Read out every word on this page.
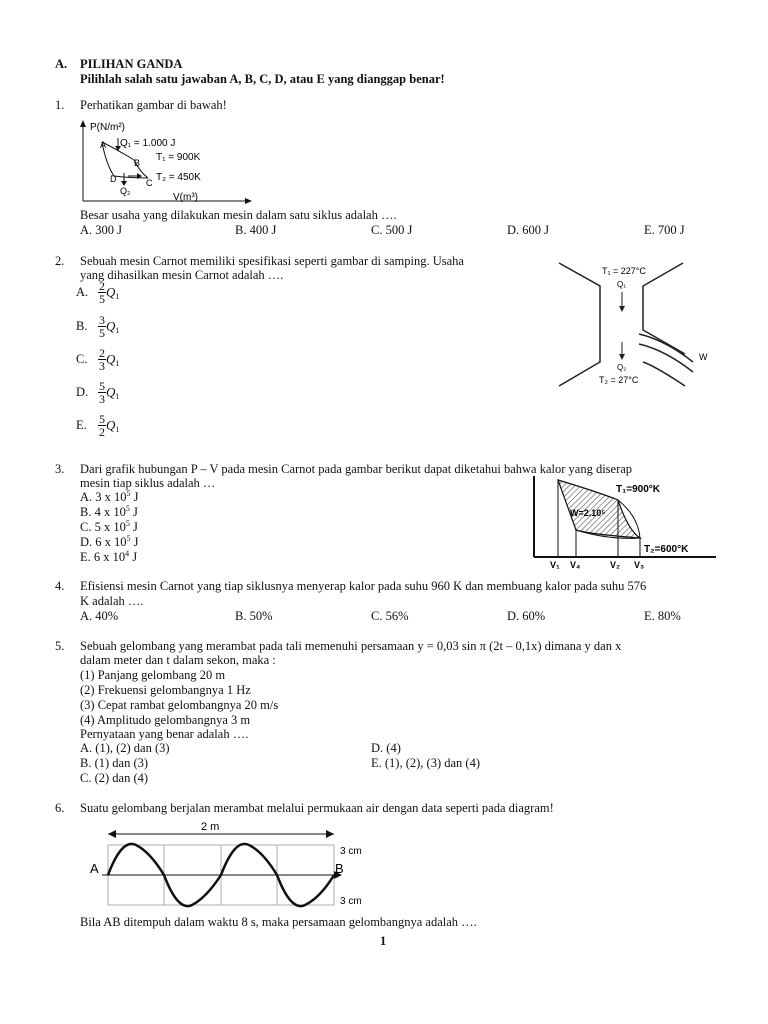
A. PILIHAN GANDA
Pilihlah salah satu jawaban A, B, C, D, atau E yang dianggap benar!
1. Perhatikan gambar di bawah!
P(N/m²)
V(m³)
Q₁ = 1.000 J
T₁ = 900K
T₂ = 450K
A
B
C
D
Q₂
Besar usaha yang dilakukan mesin dalam satu siklus adalah ….
A. 300 J	B. 400 J	C. 500 J	D. 600 J	E. 700 J
2. Sebuah mesin Carnot memiliki spesifikasi seperti gambar di samping. Usaha
yang dihasilkan mesin Carnot adalah ….
A. $\frac{2}{5} Q_1$
B. $\frac{3}{5} Q_1$
C. $\frac{2}{3} Q_1$
D. $\frac{5}{3} Q_1$
E. $\frac{5}{2} Q_1$
T₁ = 227°C
Q₁
Q₂
T₂ = 27°C
W
3. Dari grafik hubungan P – V pada mesin Carnot pada gambar berikut dapat diketahui bahwa kalor yang diserap
mesin tiap siklus adalah …
A. 3 x $10^5$ J
B. 4 x $10^5$ J
C. 5 x $10^5$ J
D. 6 x $10^5$ J
E. 6 x $10^4$ J
T₁=900°K
W=2.10⁵
T₂=600°K
V₁ V₄	V₂ V₃
4. Efisiensi mesin Carnot yang tiap siklusnya menyerap kalor pada suhu 960 K dan membuang kalor pada suhu 576
K adalah ….
A. 40%	B. 50%	C. 56%	D. 60%	E. 80%
5. Sebuah gelombang yang merambat pada tali memenuhi persamaan y = 0,03 sin π (2t – 0,1x) dimana y dan x
dalam meter dan t dalam sekon, maka :
(1) Panjang gelombang 20 m
(2) Frekuensi gelombangnya 1 Hz
(3) Cepat rambat gelombangnya 20 m/s
(4) Amplitudo gelombangnya 3 m
Pernyataan yang benar adalah ….
A. (1), (2) dan (3)
B. (1) dan (3)
C. (2) dan (4)
D. (4)
E. (1), (2), (3) dan (4)
6. Suatu gelombang berjalan merambat melalui permukaan air dengan data seperti pada diagram!
2 m
A	B
3 cm
3 cm
Bila AB ditempuh dalam waktu 8 s, maka persamaan gelombangnya adalah ….
1
